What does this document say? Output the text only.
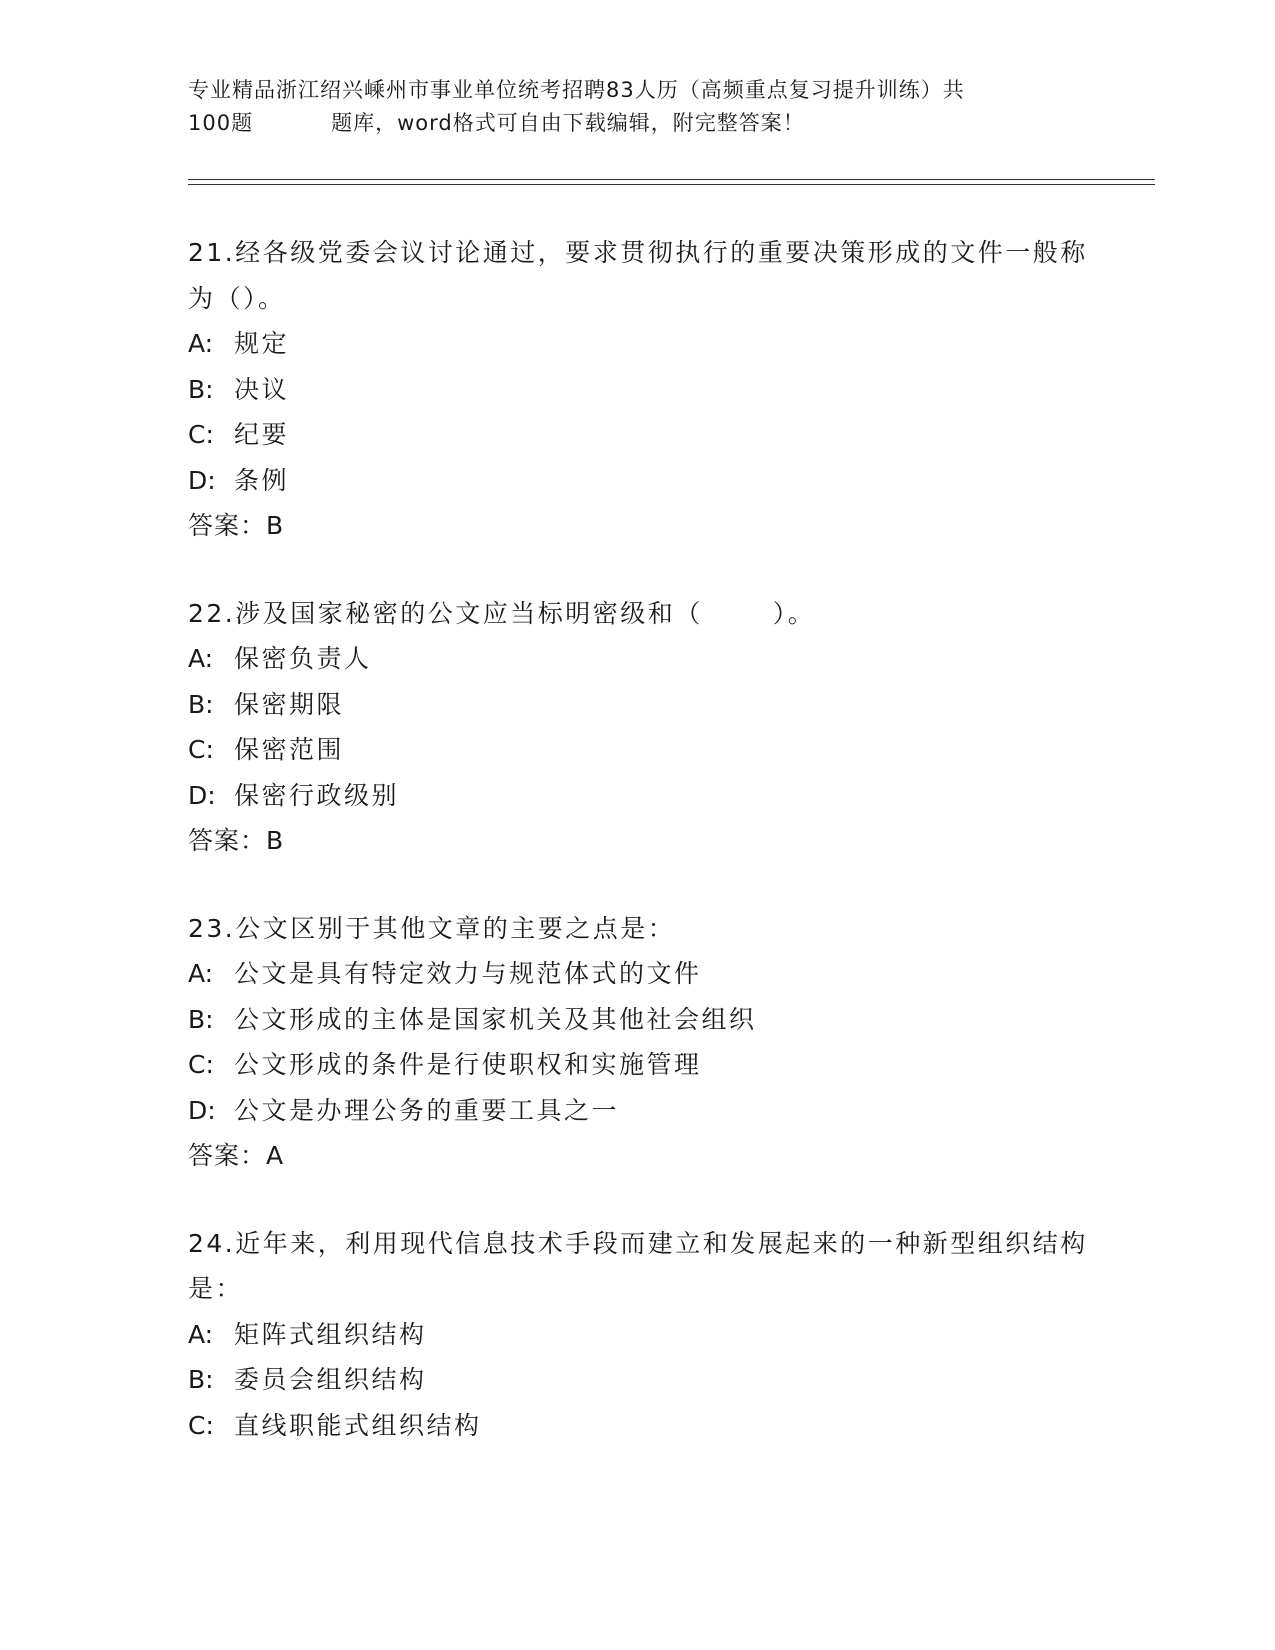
专业精品浙江绍兴嵊州市事业单位统考招聘83人历（高频重点复习提升训练）共
100题	题库，word格式可自由下载编辑，附完整答案！
21.经各级党委会议讨论通过，要求贯彻执行的重要决策形成的文件一般称为（）。
A: 规定
B: 决议
C: 纪要
D: 条例
答案：B
22.涉及国家秘密的公文应当标明密级和（	）。
A: 保密负责人
B: 保密期限
C: 保密范围
D: 保密行政级别
答案：B
23.公文区别于其他文章的主要之点是：
A: 公文是具有特定效力与规范体式的文件
B: 公文形成的主体是国家机关及其他社会组织
C: 公文形成的条件是行使职权和实施管理
D: 公文是办理公务的重要工具之一
答案：A
24.近年来，利用现代信息技术手段而建立和发展起来的一种新型组织结构是：
A: 矩阵式组织结构
B: 委员会组织结构
C: 直线职能式组织结构
